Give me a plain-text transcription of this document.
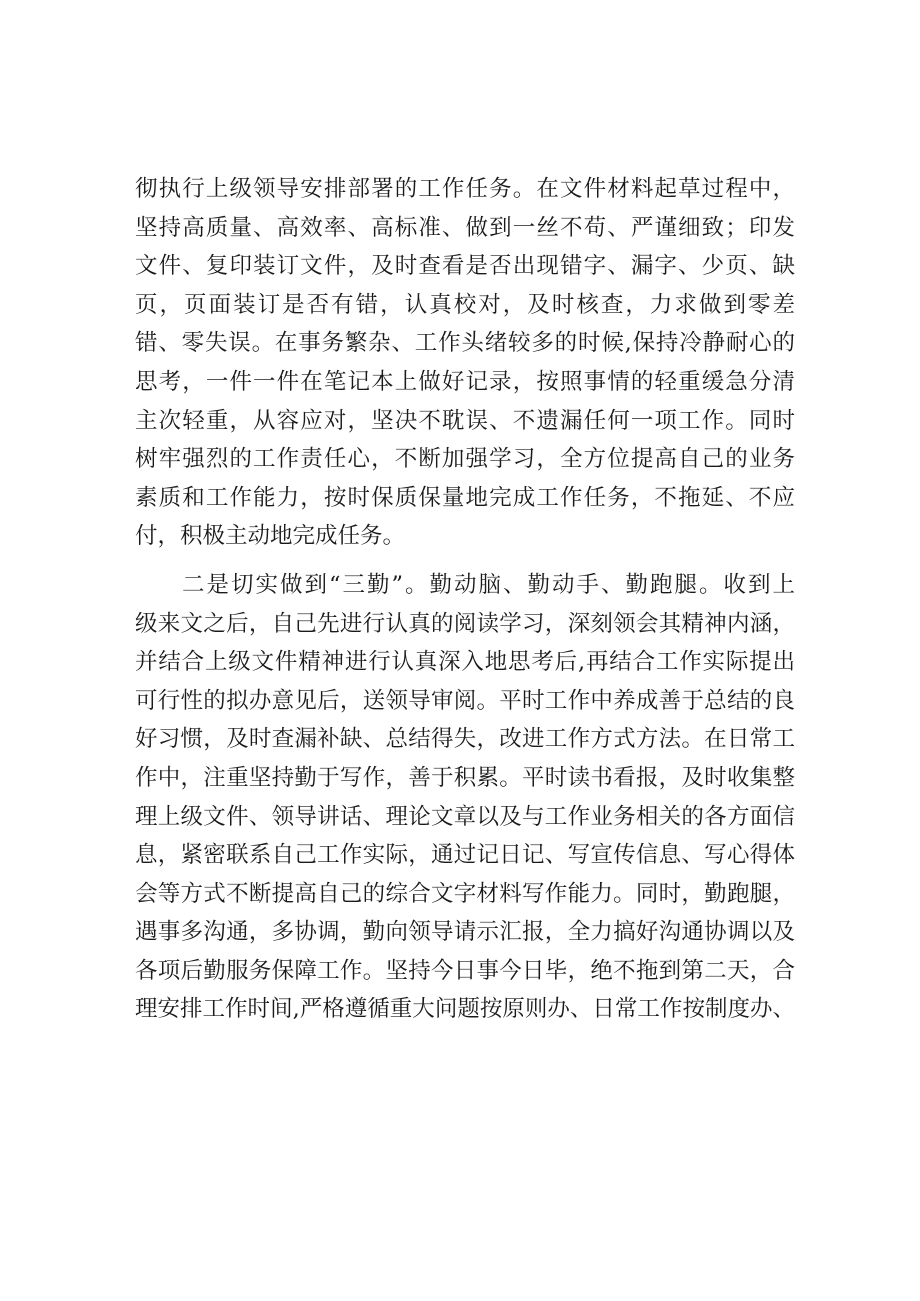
彻执行上级领导安排部署的工作任务。在文件材料起草过程中，
坚持高质量、高效率、高标准、做到一丝不苟、严谨细致；印发
文件、复印装订文件，及时查看是否出现错字、漏字、少页、缺
页，页面装订是否有错，认真校对，及时核查，力求做到零差
错、零失误。在事务繁杂、工作头绪较多的时候,保持冷静耐心的
思考，一件一件在笔记本上做好记录，按照事情的轻重缓急分清
主次轻重，从容应对，坚决不耽误、不遗漏任何一项工作。同时
树牢强烈的工作责任心，不断加强学习，全方位提高自己的业务
素质和工作能力，按时保质保量地完成工作任务，不拖延、不应
付，积极主动地完成任务。
二是切实做到“三勤”。勤动脑、勤动手、勤跑腿。收到上
级来文之后，自己先进行认真的阅读学习，深刻领会其精神内涵，
并结合上级文件精神进行认真深入地思考后,再结合工作实际提出
可行性的拟办意见后，送领导审阅。平时工作中养成善于总结的良
好习惯，及时查漏补缺、总结得失，改进工作方式方法。在日常工
作中，注重坚持勤于写作，善于积累。平时读书看报，及时收集整
理上级文件、领导讲话、理论文章以及与工作业务相关的各方面信
息，紧密联系自己工作实际，通过记日记、写宣传信息、写心得体
会等方式不断提高自己的综合文字材料写作能力。同时，勤跑腿，
遇事多沟通，多协调，勤向领导请示汇报，全力搞好沟通协调以及
各项后勤服务保障工作。坚持今日事今日毕，绝不拖到第二天，合
理安排工作时间,严格遵循重大问题按原则办、日常工作按制度办、
